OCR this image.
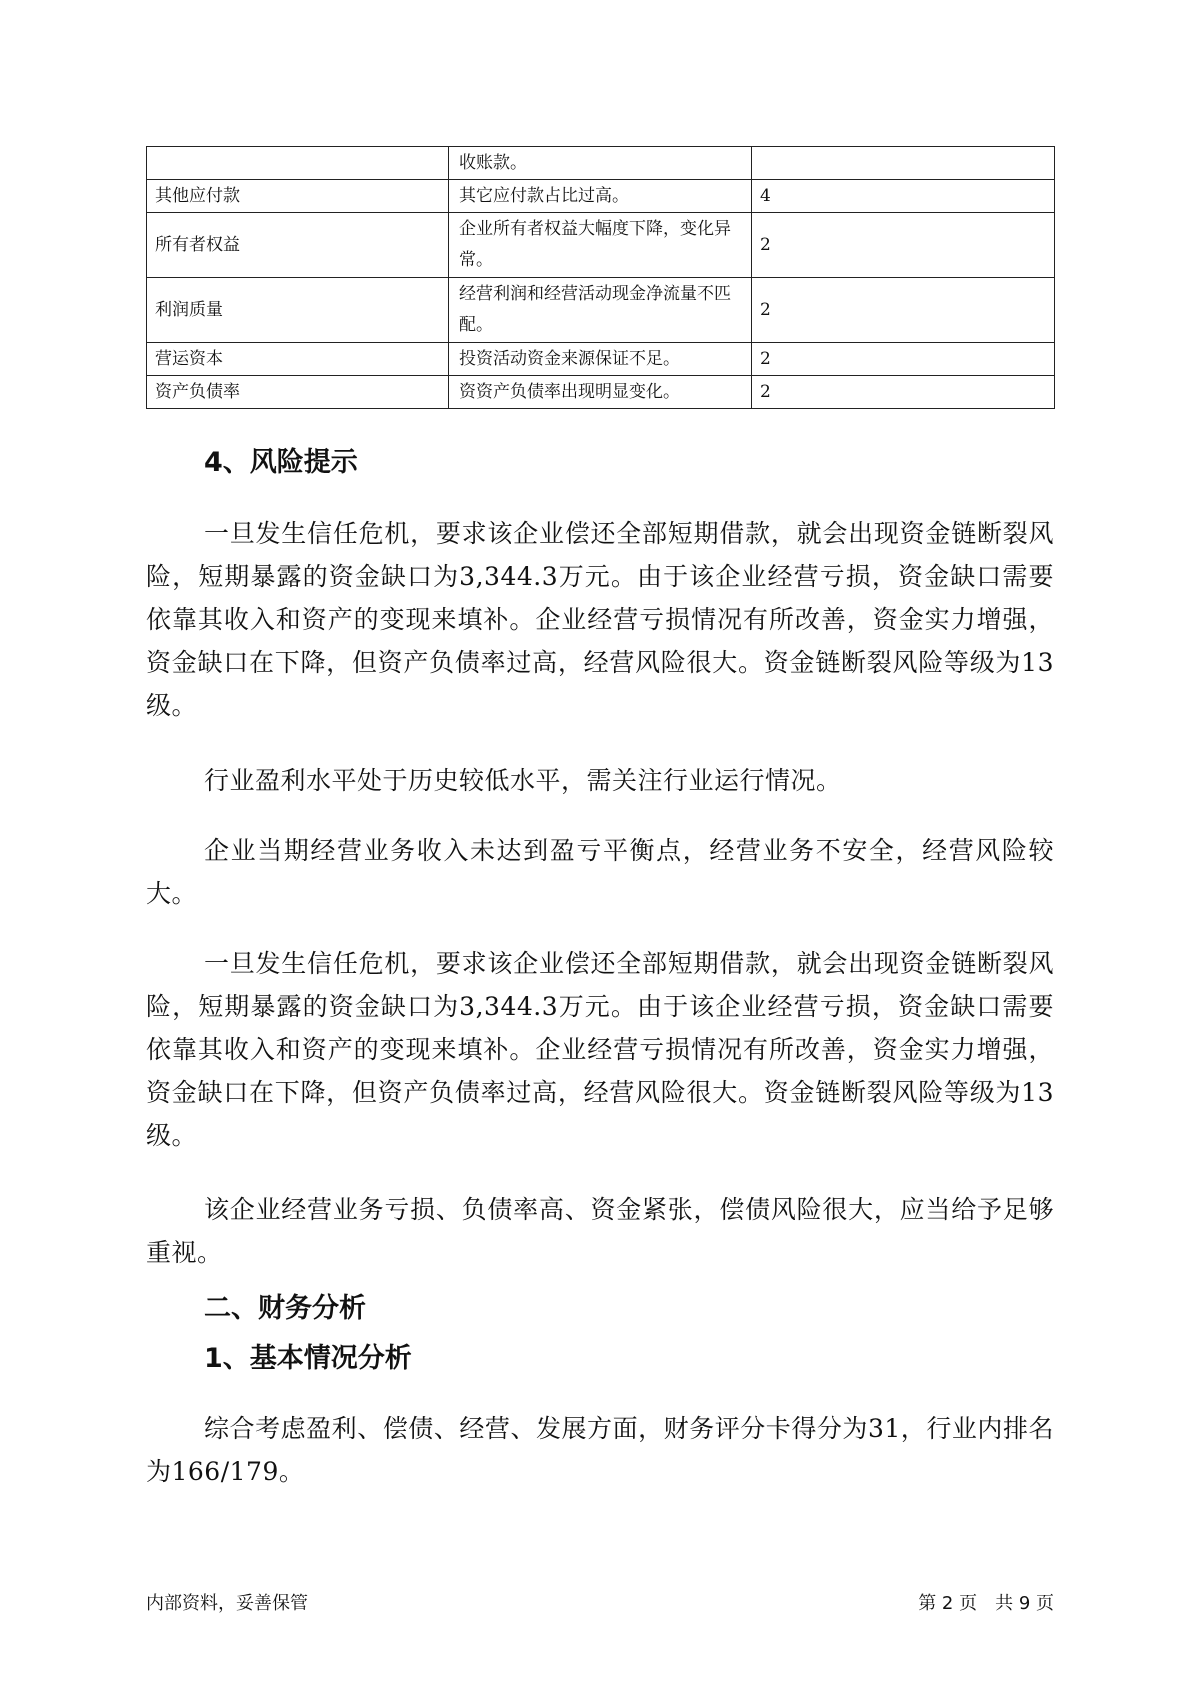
	收账款。	
其他应付款	其它应付款占比过高。	4
所有者权益	企业所有者权益大幅度下降，变化异常。	2
利润质量	经营利润和经营活动现金净流量不匹配。	2
营运资本	投资活动资金来源保证不足。	2
资产负债率	资资产负债率出现明显变化。	2
4、风险提示

一旦发生信任危机，要求该企业偿还全部短期借款，就会出现资金链断裂风险，短期暴露的资金缺口为3,344.3万元。由于该企业经营亏损，资金缺口需要依靠其收入和资产的变现来填补。企业经营亏损情况有所改善，资金实力增强，资金缺口在下降，但资产负债率过高，经营风险很大。资金链断裂风险等级为13级。

行业盈利水平处于历史较低水平，需关注行业运行情况。

企业当期经营业务收入未达到盈亏平衡点，经营业务不安全，经营风险较大。

一旦发生信任危机，要求该企业偿还全部短期借款，就会出现资金链断裂风险，短期暴露的资金缺口为3,344.3万元。由于该企业经营亏损，资金缺口需要依靠其收入和资产的变现来填补。企业经营亏损情况有所改善，资金实力增强，资金缺口在下降，但资产负债率过高，经营风险很大。资金链断裂风险等级为13级。

该企业经营业务亏损、负债率高、资金紧张，偿债风险很大，应当给予足够重视。

二、财务分析
1、基本情况分析

综合考虑盈利、偿债、经营、发展方面，财务评分卡得分为31，行业内排名为166/179。

内部资料，妥善保管	第 2 页　共 9 页
